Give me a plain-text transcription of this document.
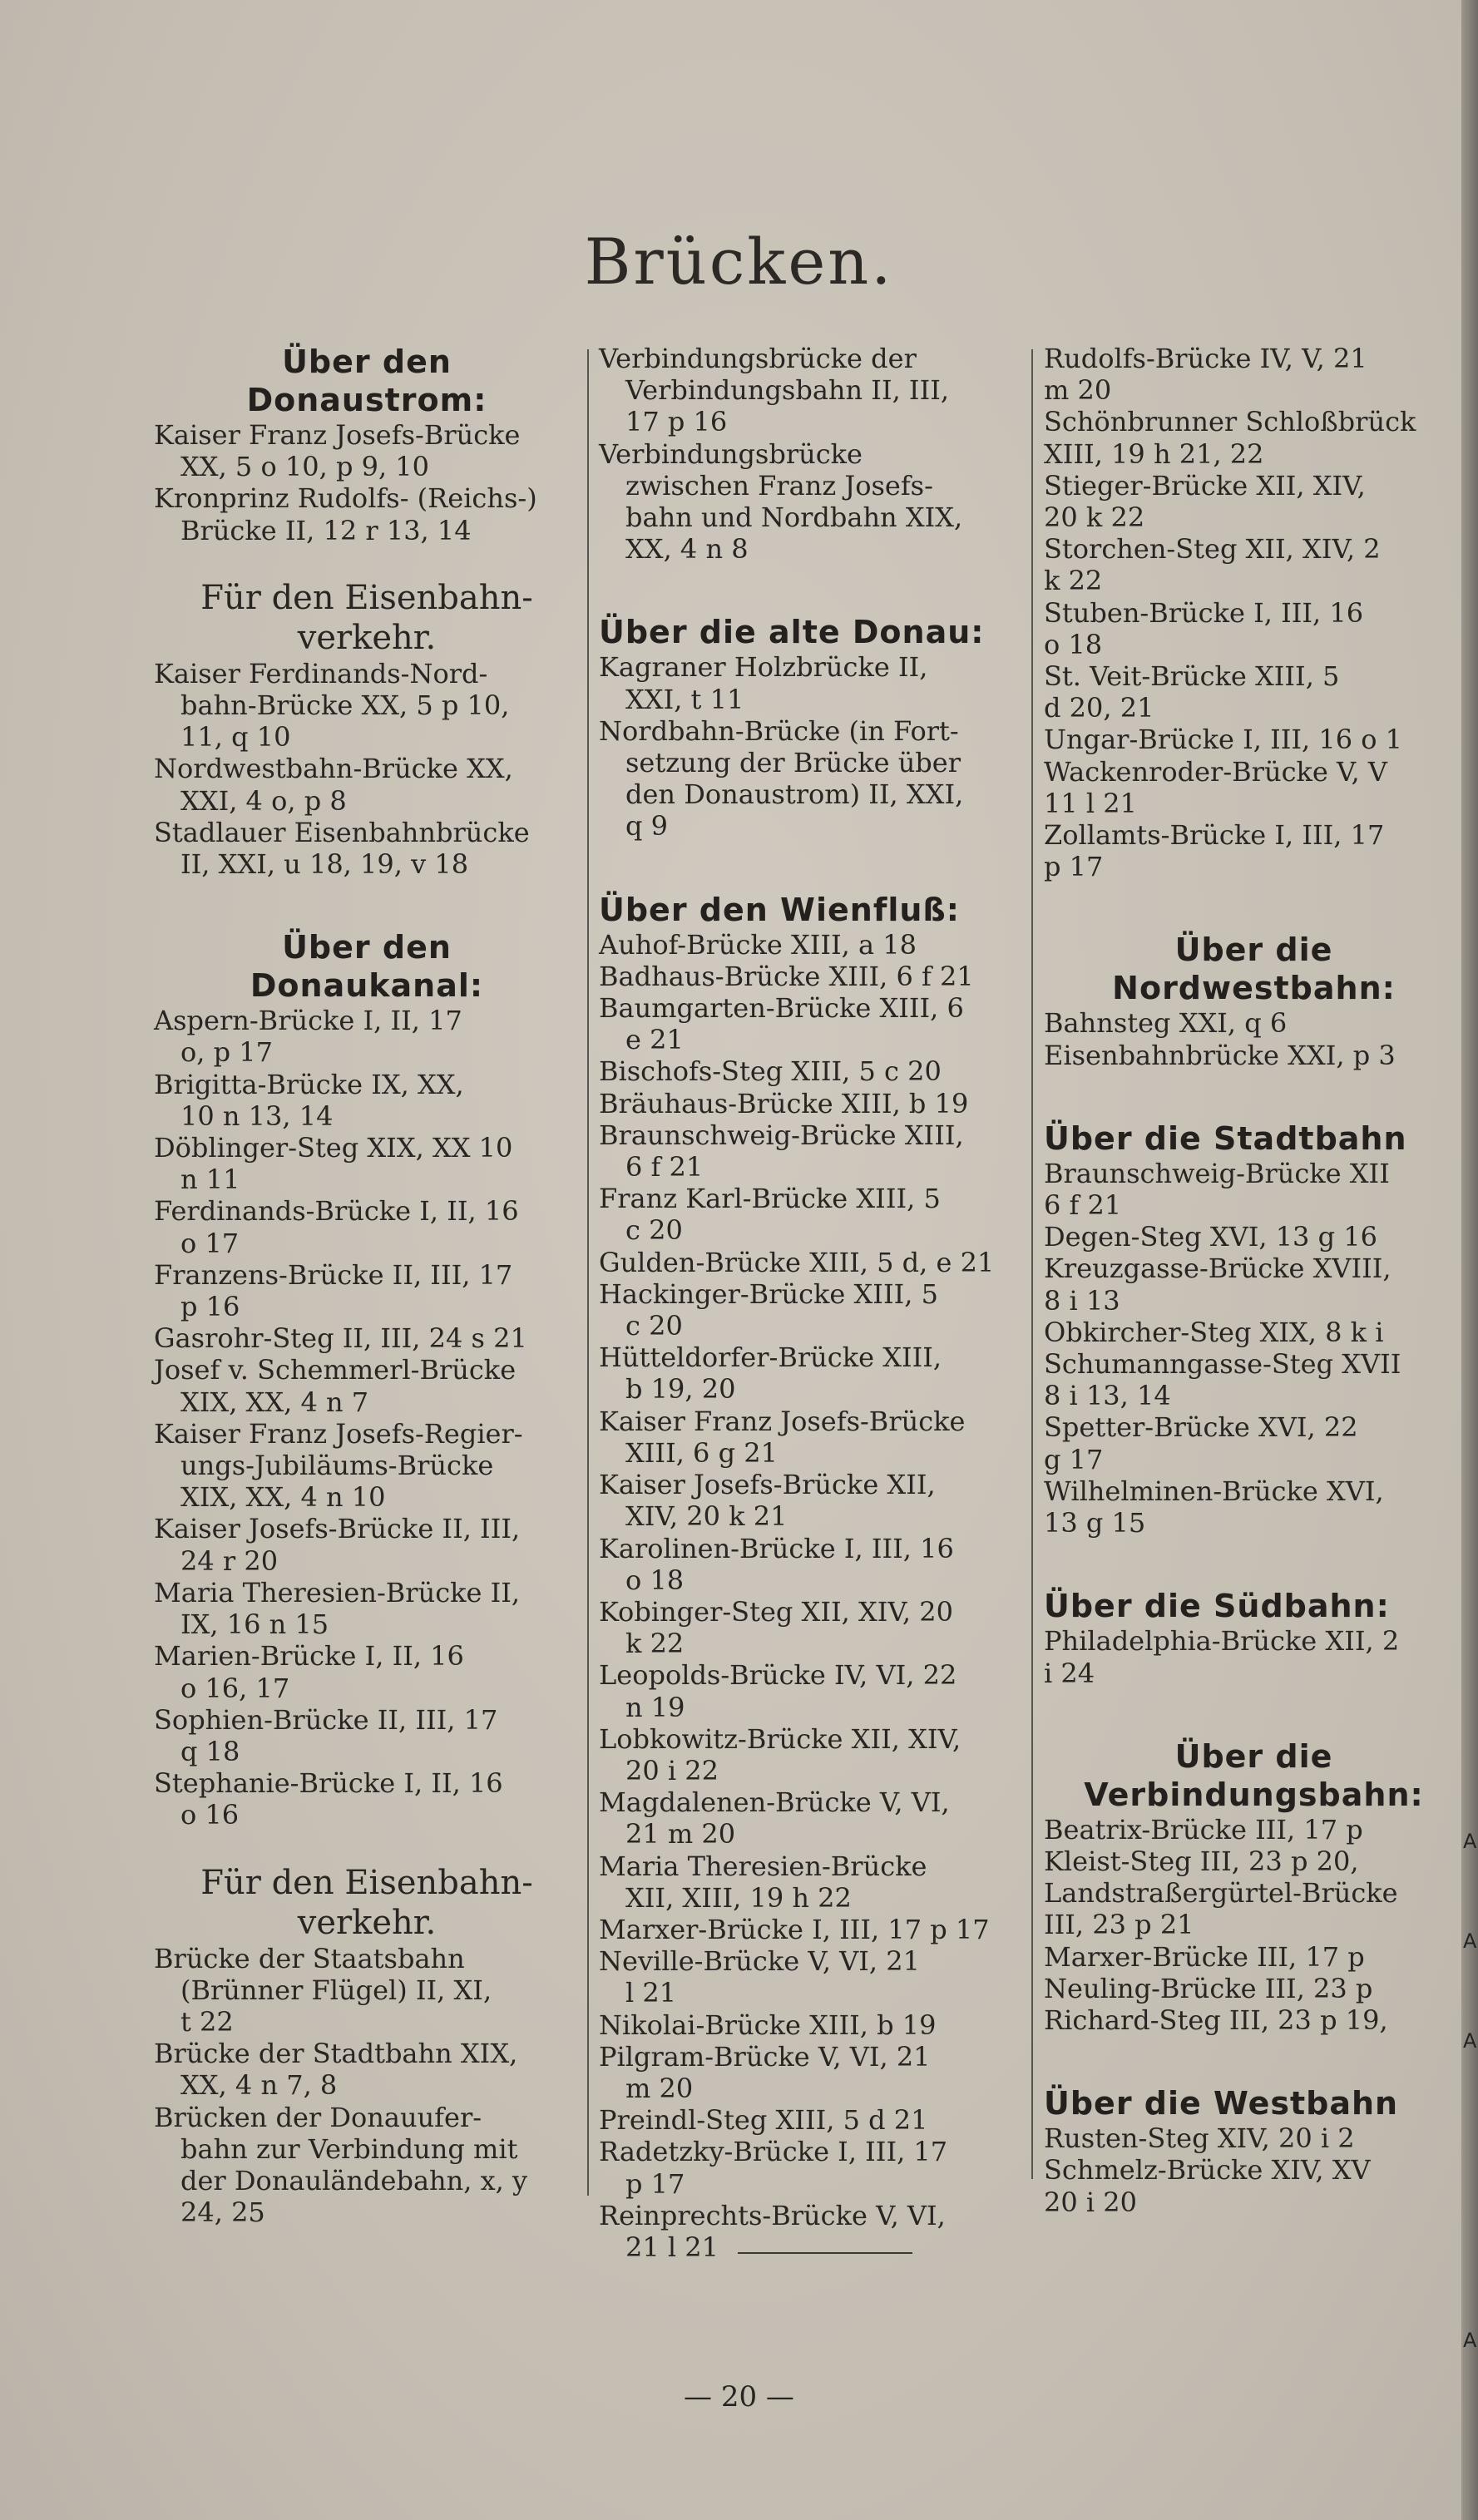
A
A
A
A
Brücken.
Über den
Donaustrom:
Kaiser Franz Josefs-Brücke
XX, 5 o 10, p 9, 10
Kronprinz Rudolfs- (Reichs-)
Brücke II, 12 r 13, 14
Für den Eisenbahn-
verkehr.
Kaiser Ferdinands-Nord-
bahn-Brücke XX, 5 p 10,
11, q 10
Nordwestbahn-Brücke XX,
XXI, 4 o, p 8
Stadlauer Eisenbahnbrücke
II, XXI, u 18, 19, v 18
Über den
Donaukanal:
Aspern-Brücke I, II, 17
o, p 17
Brigitta-Brücke IX, XX,
10 n 13, 14
Döblinger-Steg XIX, XX 10
n 11
Ferdinands-Brücke I, II, 16
o 17
Franzens-Brücke II, III, 17
p 16
Gasrohr-Steg II, III, 24 s 21
Josef v. Schemmerl-Brücke
XIX, XX, 4 n 7
Kaiser Franz Josefs-Regier-
ungs-Jubiläums-Brücke
XIX, XX, 4 n 10
Kaiser Josefs-Brücke II, III,
24 r 20
Maria Theresien-Brücke II,
IX, 16 n 15
Marien-Brücke I, II, 16
o 16, 17
Sophien-Brücke II, III, 17
q 18
Stephanie-Brücke I, II, 16
o 16
Für den Eisenbahn-
verkehr.
Brücke der Staatsbahn
(Brünner Flügel) II, XI,
t 22
Brücke der Stadtbahn XIX,
XX, 4 n 7, 8
Brücken der Donauufer-
bahn zur Verbindung mit
der Donauländebahn, x, y
24, 25
Verbindungsbrücke der
Verbindungsbahn II, III,
17 p 16
Verbindungsbrücke
zwischen Franz Josefs-
bahn und Nordbahn XIX,
XX, 4 n 8
Über die alte Donau:
Kagraner Holzbrücke II,
XXI, t 11
Nordbahn-Brücke (in Fort-
setzung der Brücke über
den Donaustrom) II, XXI,
q 9
Über den Wienfluß:
Auhof-Brücke XIII, a 18
Badhaus-Brücke XIII, 6 f 21
Baumgarten-Brücke XIII, 6
e 21
Bischofs-Steg XIII, 5 c 20
Bräuhaus-Brücke XIII, b 19
Braunschweig-Brücke XIII,
6 f 21
Franz Karl-Brücke XIII, 5
c 20
Gulden-Brücke XIII, 5 d, e 21
Hackinger-Brücke XIII, 5
c 20
Hütteldorfer-Brücke XIII,
b 19, 20
Kaiser Franz Josefs-Brücke
XIII, 6 g 21
Kaiser Josefs-Brücke XII,
XIV, 20 k 21
Karolinen-Brücke I, III, 16
o 18
Kobinger-Steg XII, XIV, 20
k 22
Leopolds-Brücke IV, VI, 22
n 19
Lobkowitz-Brücke XII, XIV,
20 i 22
Magdalenen-Brücke V, VI,
21 m 20
Maria Theresien-Brücke
XII, XIII, 19 h 22
Marxer-Brücke I, III, 17 p 17
Neville-Brücke V, VI, 21
l 21
Nikolai-Brücke XIII, b 19
Pilgram-Brücke V, VI, 21
m 20
Preindl-Steg XIII, 5 d 21
Radetzky-Brücke I, III, 17
p 17
Reinprechts-Brücke V, VI,
21 l 21
Rudolfs-Brücke IV, V, 21
m 20
Schönbrunner Schloßbrück
XIII, 19 h 21, 22
Stieger-Brücke XII, XIV,
20 k 22
Storchen-Steg XII, XIV, 2
k 22
Stuben-Brücke I, III, 16
o 18
St. Veit-Brücke XIII, 5
d 20, 21
Ungar-Brücke I, III, 16 o 1
Wackenroder-Brücke V, V
11 l 21
Zollamts-Brücke I, III, 17
p 17
Über die
Nordwestbahn:
Bahnsteg XXI, q 6
Eisenbahnbrücke XXI, p 3
Über die Stadtbahn
Braunschweig-Brücke XII
6 f 21
Degen-Steg XVI, 13 g 16
Kreuzgasse-Brücke XVIII,
8 i 13
Obkircher-Steg XIX, 8 k i
Schumanngasse-Steg XVII
8 i 13, 14
Spetter-Brücke XVI, 22
g 17
Wilhelminen-Brücke XVI,
13 g 15
Über die Südbahn:
Philadelphia-Brücke XII, 2
i 24
Über die
Verbindungsbahn:
Beatrix-Brücke III, 17 p
Kleist-Steg III, 23 p 20,
Landstraßergürtel-Brücke
III, 23 p 21
Marxer-Brücke III, 17 p
Neuling-Brücke III, 23 p
Richard-Steg III, 23 p 19,
Über die Westbahn
Rusten-Steg XIV, 20 i 2
Schmelz-Brücke XIV, XV
20 i 20
— 20 —
